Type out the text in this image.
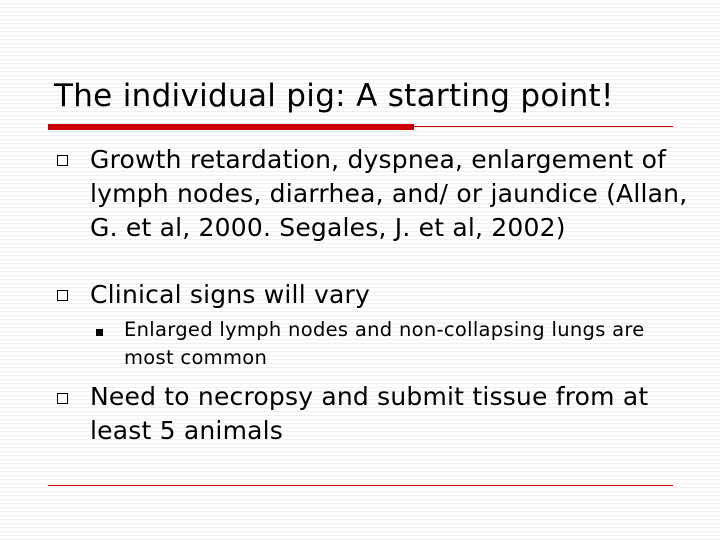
The individual pig: A starting point!
Growth retardation, dyspnea, enlargement of lymph nodes, diarrhea, and/ or jaundice (Allan, G. et al, 2000. Segales, J. et al, 2002)
Clinical signs will vary
Enlarged lymph nodes and non-collapsing lungs are most common
Need to necropsy and submit tissue from at least 5 animals
